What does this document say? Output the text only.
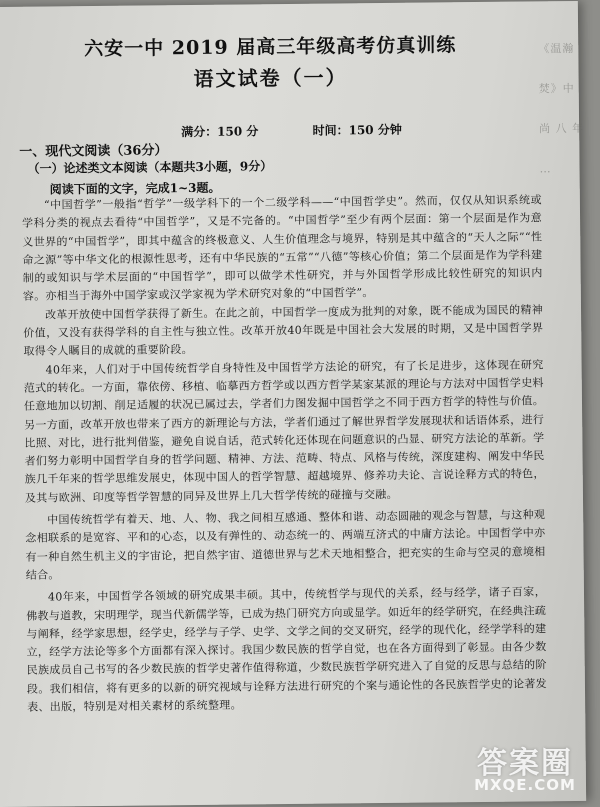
《温瀚焚》中 尚 八 年 …
六安一中 2019 届高三年级高考仿真训练
语文试卷（一）
满分：150 分	时间：150 分钟
一、现代文阅读（36分）
（一）论述类文本阅读（本题共3小题，9分）
阅读下面的文字，完成1~3题。

“中国哲学”一般指“哲学”一级学科下的一个二级学科——“中国哲学史”。然而，仅仅从知识系统或学科分类的视点去看待“中国哲学”，又是不完备的。“中国哲学”至少有两个层面：第一个层面是作为意义世界的“中国哲学”，即其中蕴含的终极意义、人生价值理念与境界，特别是其中蕴含的“天人之际”“性命之源”等中华文化的根源性思考，还有中华民族的“五常”“八德”等核心价值；第二个层面是作为学科建制的或知识与学术层面的“中国哲学”，即可以做学术性研究，并与外国哲学形成比较性研究的知识内容。亦相当于海外中国学家或汉学家视为学术研究对象的“中国哲学”。

改革开放使中国哲学获得了新生。在此之前，中国哲学一度成为批判的对象，既不能成为国民的精神价值，又没有获得学科的自主性与独立性。改革开放40年既是中国社会大发展的时期，又是中国哲学界取得令人瞩目的成就的重要阶段。

40年来，人们对于中国传统哲学自身特性及中国哲学方法论的研究，有了长足进步，这体现在研究范式的转化。一方面，靠依傍、移植、临摹西方哲学或以西方哲学某家某派的理论与方法对中国哲学史料任意地加以切割、削足适履的状况已属过去，学者们力图发掘中国哲学之不同于西方哲学的特性与价值。另一方面，改革开放也带来了西方的新理论与方法，学者们通过了解世界哲学发展现状和话语体系，进行比照、对比，进行批判借鉴，避免自说自话，范式转化还体现在问题意识的凸显、研究方法论的革新。学者们努力彰明中国哲学自身的哲学问题、精神、方法、范畴、特点、风格与传统，深度建构、阐发中华民族几千年来的哲学思维发展史，体现中国人的哲学智慧、超越境界、修养功夫论、言说诠释方式的特色，及其与欧洲、印度等哲学智慧的同异及世界上几大哲学传统的碰撞与交融。

中国传统哲学有着天、地、人、物、我之间相互感通、整体和谐、动态圆融的观念与智慧，与这种观念相联系的是宽容、平和的心态，以及有弹性的、动态统一的、两端互济式的中庸方法论。中国哲学中亦有一种自然生机主义的宇宙论，把自然宇宙、道德世界与艺术天地相整合，把充实的生命与空灵的意境相结合。

40年来，中国哲学各领域的研究成果丰硕。其中，传统哲学与现代的关系，经与经学，诸子百家，佛教与道教，宋明理学，现当代新儒学等，已成为热门研究方向或显学。如近年的经学研究，在经典注疏与阐释，经学家思想，经学史，经学与子学、史学、文学之间的交叉研究，经学的现代化，经学学科的建立，经学方法论等多个方面都有深入探讨。我国少数民族的哲学自觉，也在各方面得到了彰显。由各少数民族成员自己书写的各少数民族的哲学史著作值得称道，少数民族哲学研究进入了自觉的反思与总结的阶段。我们相信，将有更多的以新的研究视域与诠释方法进行研究的个案与通论性的各民族哲学史的论著发表、出版，特别是对相关素材的系统整理。

答案圈
MXQE.COM
